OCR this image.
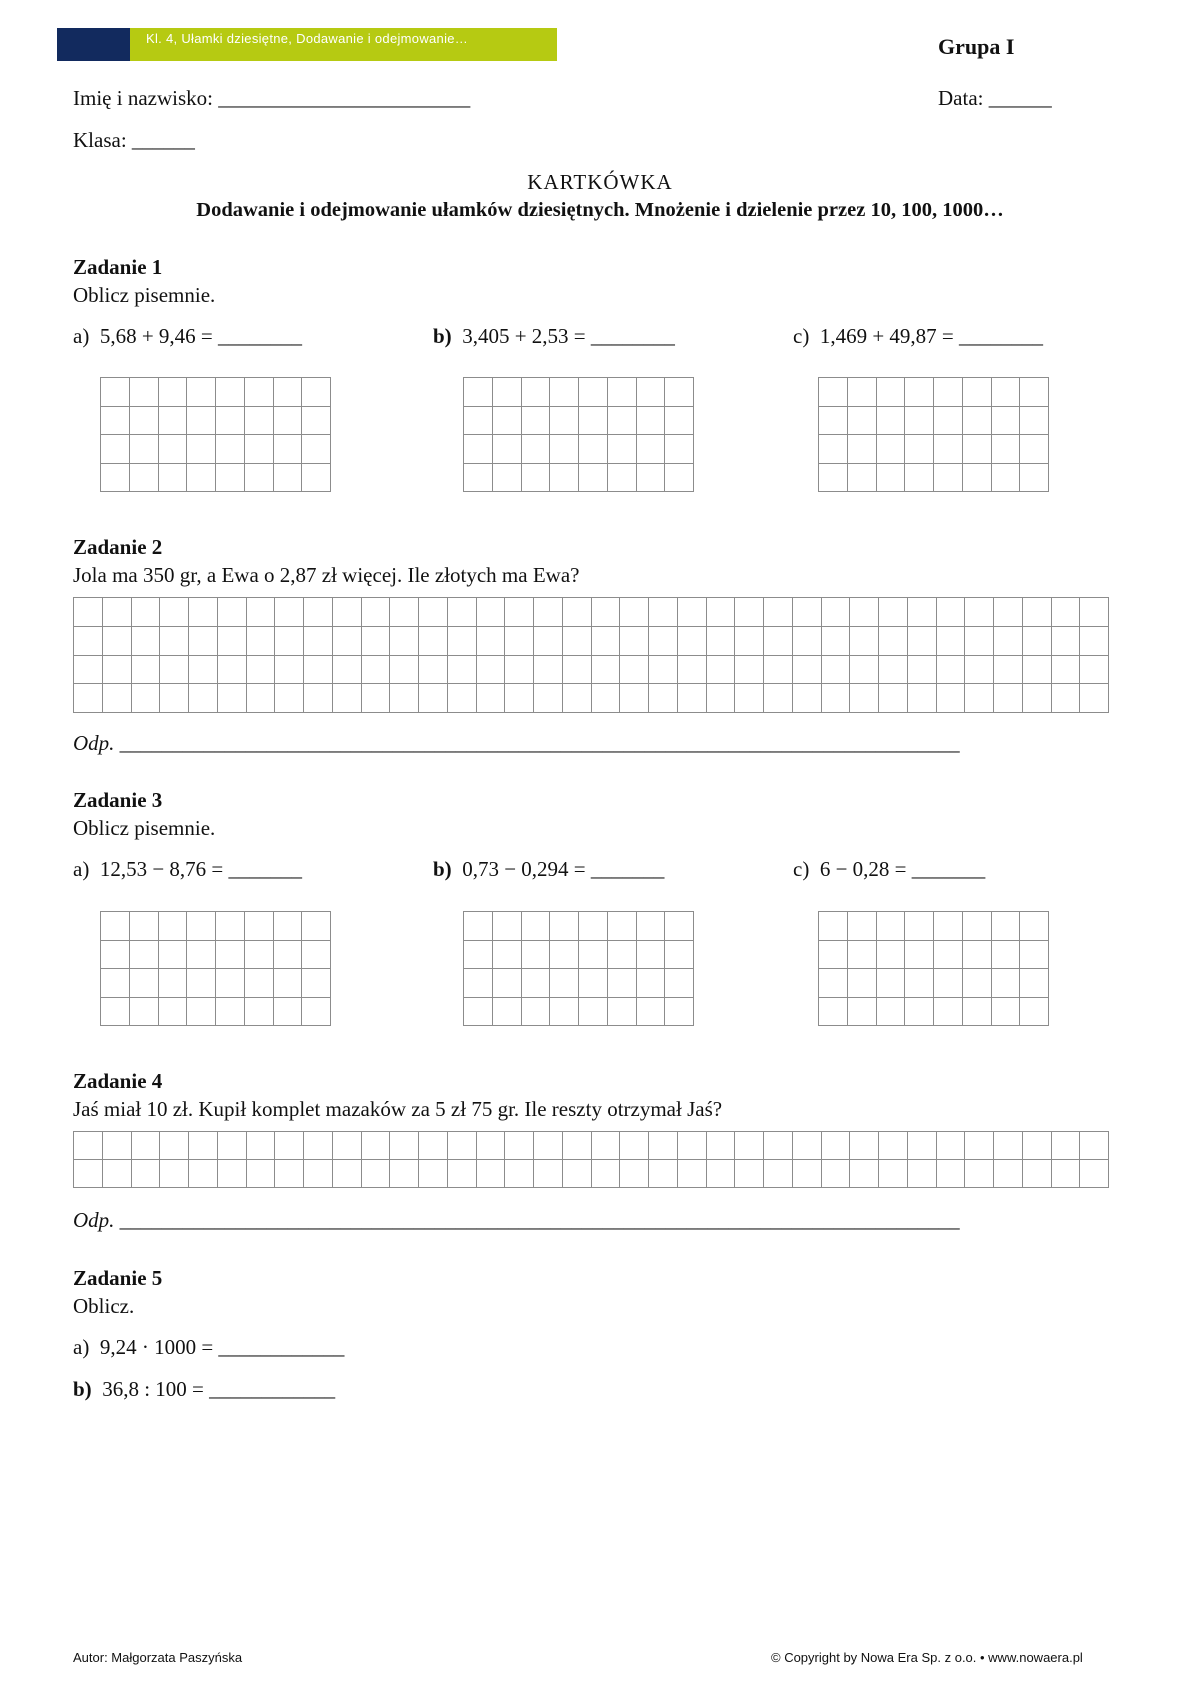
Kl. 4, Ułamki dziesiętne, Dodawanie i odejmowanie…	Grupa I
Imię i nazwisko: ________________________	Data: ______
Klasa: ______
KARTKÓWKA
Dodawanie i odejmowanie ułamków dziesiętnych. Mnożenie i dzielenie przez 10, 100, 1000…
Zadanie 1
Oblicz pisemnie.
a) 5,68 + 9,46 = ________	b) 3,405 + 2,53 = ________	c) 1,469 + 49,87 = ________

Zadanie 2
Jola ma 350 gr, a Ewa o 2,87 zł więcej. Ile złotych ma Ewa?

Odp. ________________________________________________________________________________
Zadanie 3
Oblicz pisemnie.
a) 12,53 − 8,76 = _______	b) 0,73 − 0,294 = _______	c) 6 − 0,28 = _______

Zadanie 4
Jaś miał 10 zł. Kupił komplet mazaków za 5 zł 75 gr. Ile reszty otrzymał Jaś?

Odp. ________________________________________________________________________________
Zadanie 5
Oblicz.
a) 9,24 · 1000 = ____________
b) 36,8 : 100 = ____________
Autor: Małgorzata Paszyńska	© Copyright by Nowa Era Sp. z o.o. • www.nowaera.pl
